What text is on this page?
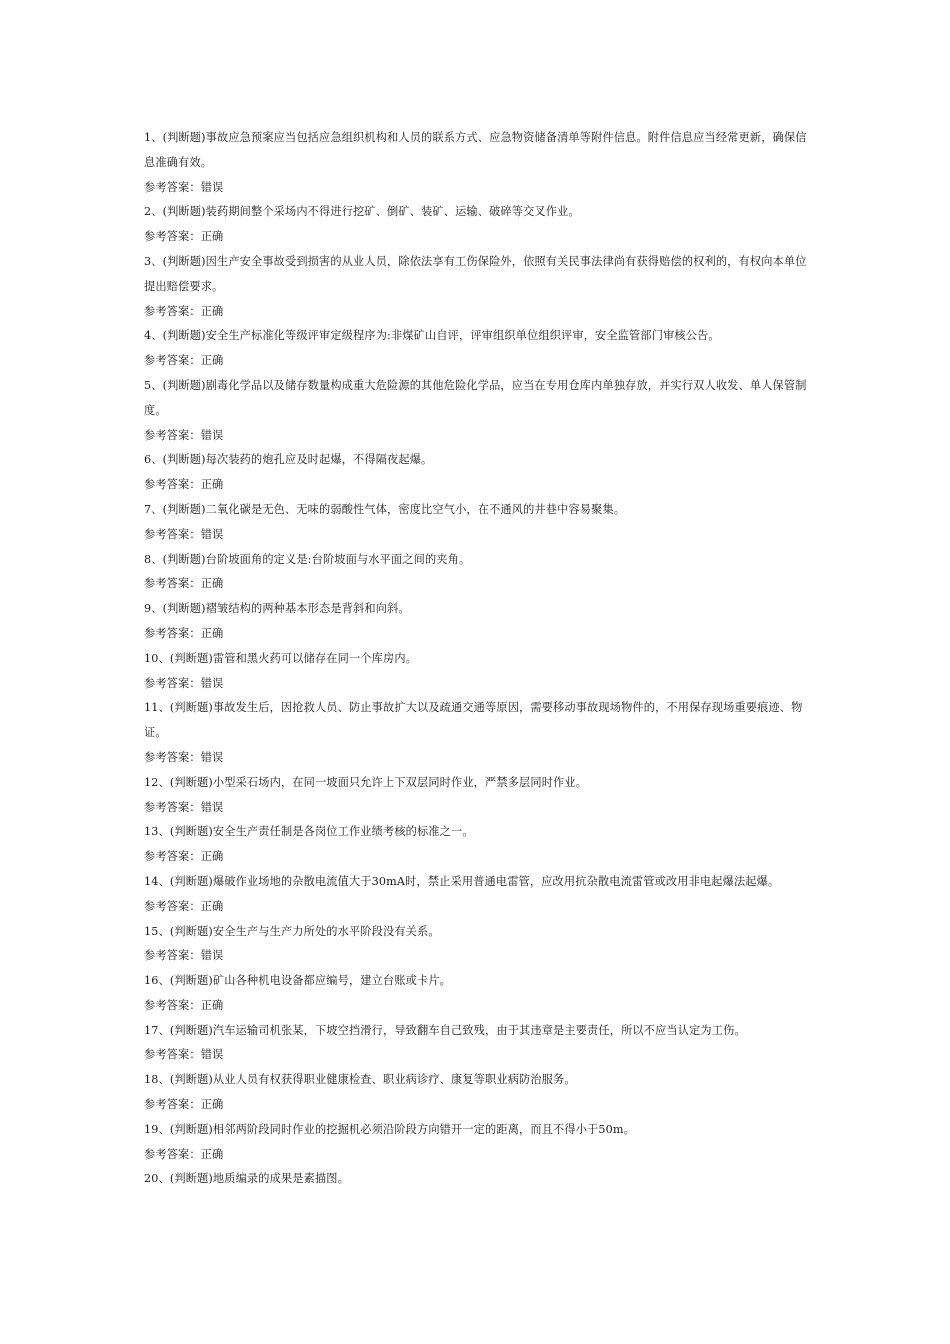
1、(判断题)事故应急预案应当包括应急组织机构和人员的联系方式、应急物资储备清单等附件信息。附件信息应当经常更新，确保信息准确有效。

参考答案：错误

2、(判断题)装药期间整个采场内不得进行挖矿、倒矿、装矿、运输、破碎等交叉作业。

参考答案：正确

3、(判断题)因生产安全事故受到损害的从业人员，除依法享有工伤保险外，依照有关民事法律尚有获得赔偿的权利的，有权向本单位提出赔偿要求。

参考答案：正确

4、(判断题)安全生产标准化等级评审定级程序为:非煤矿山自评，评审组织单位组织评审，安全监管部门审核公告。

参考答案：正确

5、(判断题)剧毒化学品以及储存数量构成重大危险源的其他危险化学品，应当在专用仓库内单独存放，并实行双人收发、单人保管制度。

参考答案：错误

6、(判断题)每次装药的炮孔应及时起爆，不得隔夜起爆。

参考答案：正确

7、(判断题)二氧化碳是无色、无味的弱酸性气体，密度比空气小，在不通风的井巷中容易聚集。

参考答案：错误

8、(判断题)台阶坡面角的定义是:台阶坡面与水平面之间的夹角。

参考答案：正确

9、(判断题)褶皱结构的两种基本形态是背斜和向斜。

参考答案：正确

10、(判断题)雷管和黑火药可以储存在同一个库房内。

参考答案：错误

11、(判断题)事故发生后，因抢救人员、防止事故扩大以及疏通交通等原因，需要移动事故现场物件的，不用保存现场重要痕迹、物证。

参考答案：错误

12、(判断题)小型采石场内，在同一坡面只允许上下双层同时作业，严禁多层同时作业。

参考答案：错误

13、(判断题)安全生产责任制是各岗位工作业绩考核的标准之一。

参考答案：正确

14、(判断题)爆破作业场地的杂散电流值大于30mA时，禁止采用普通电雷管，应改用抗杂散电流雷管或改用非电起爆法起爆。

参考答案：正确

15、(判断题)安全生产与生产力所处的水平阶段没有关系。

参考答案：错误

16、(判断题)矿山各种机电设备都应编号，建立台账或卡片。

参考答案：正确

17、(判断题)汽车运输司机张某，下坡空挡滑行，导致翻车自己致残，由于其违章是主要责任，所以不应当认定为工伤。

参考答案：错误

18、(判断题)从业人员有权获得职业健康检查、职业病诊疗、康复等职业病防治服务。

参考答案：正确

19、(判断题)相邻两阶段同时作业的挖掘机必须沿阶段方向错开一定的距离，而且不得小于50m。

参考答案：正确

20、(判断题)地质编录的成果是素描图。
